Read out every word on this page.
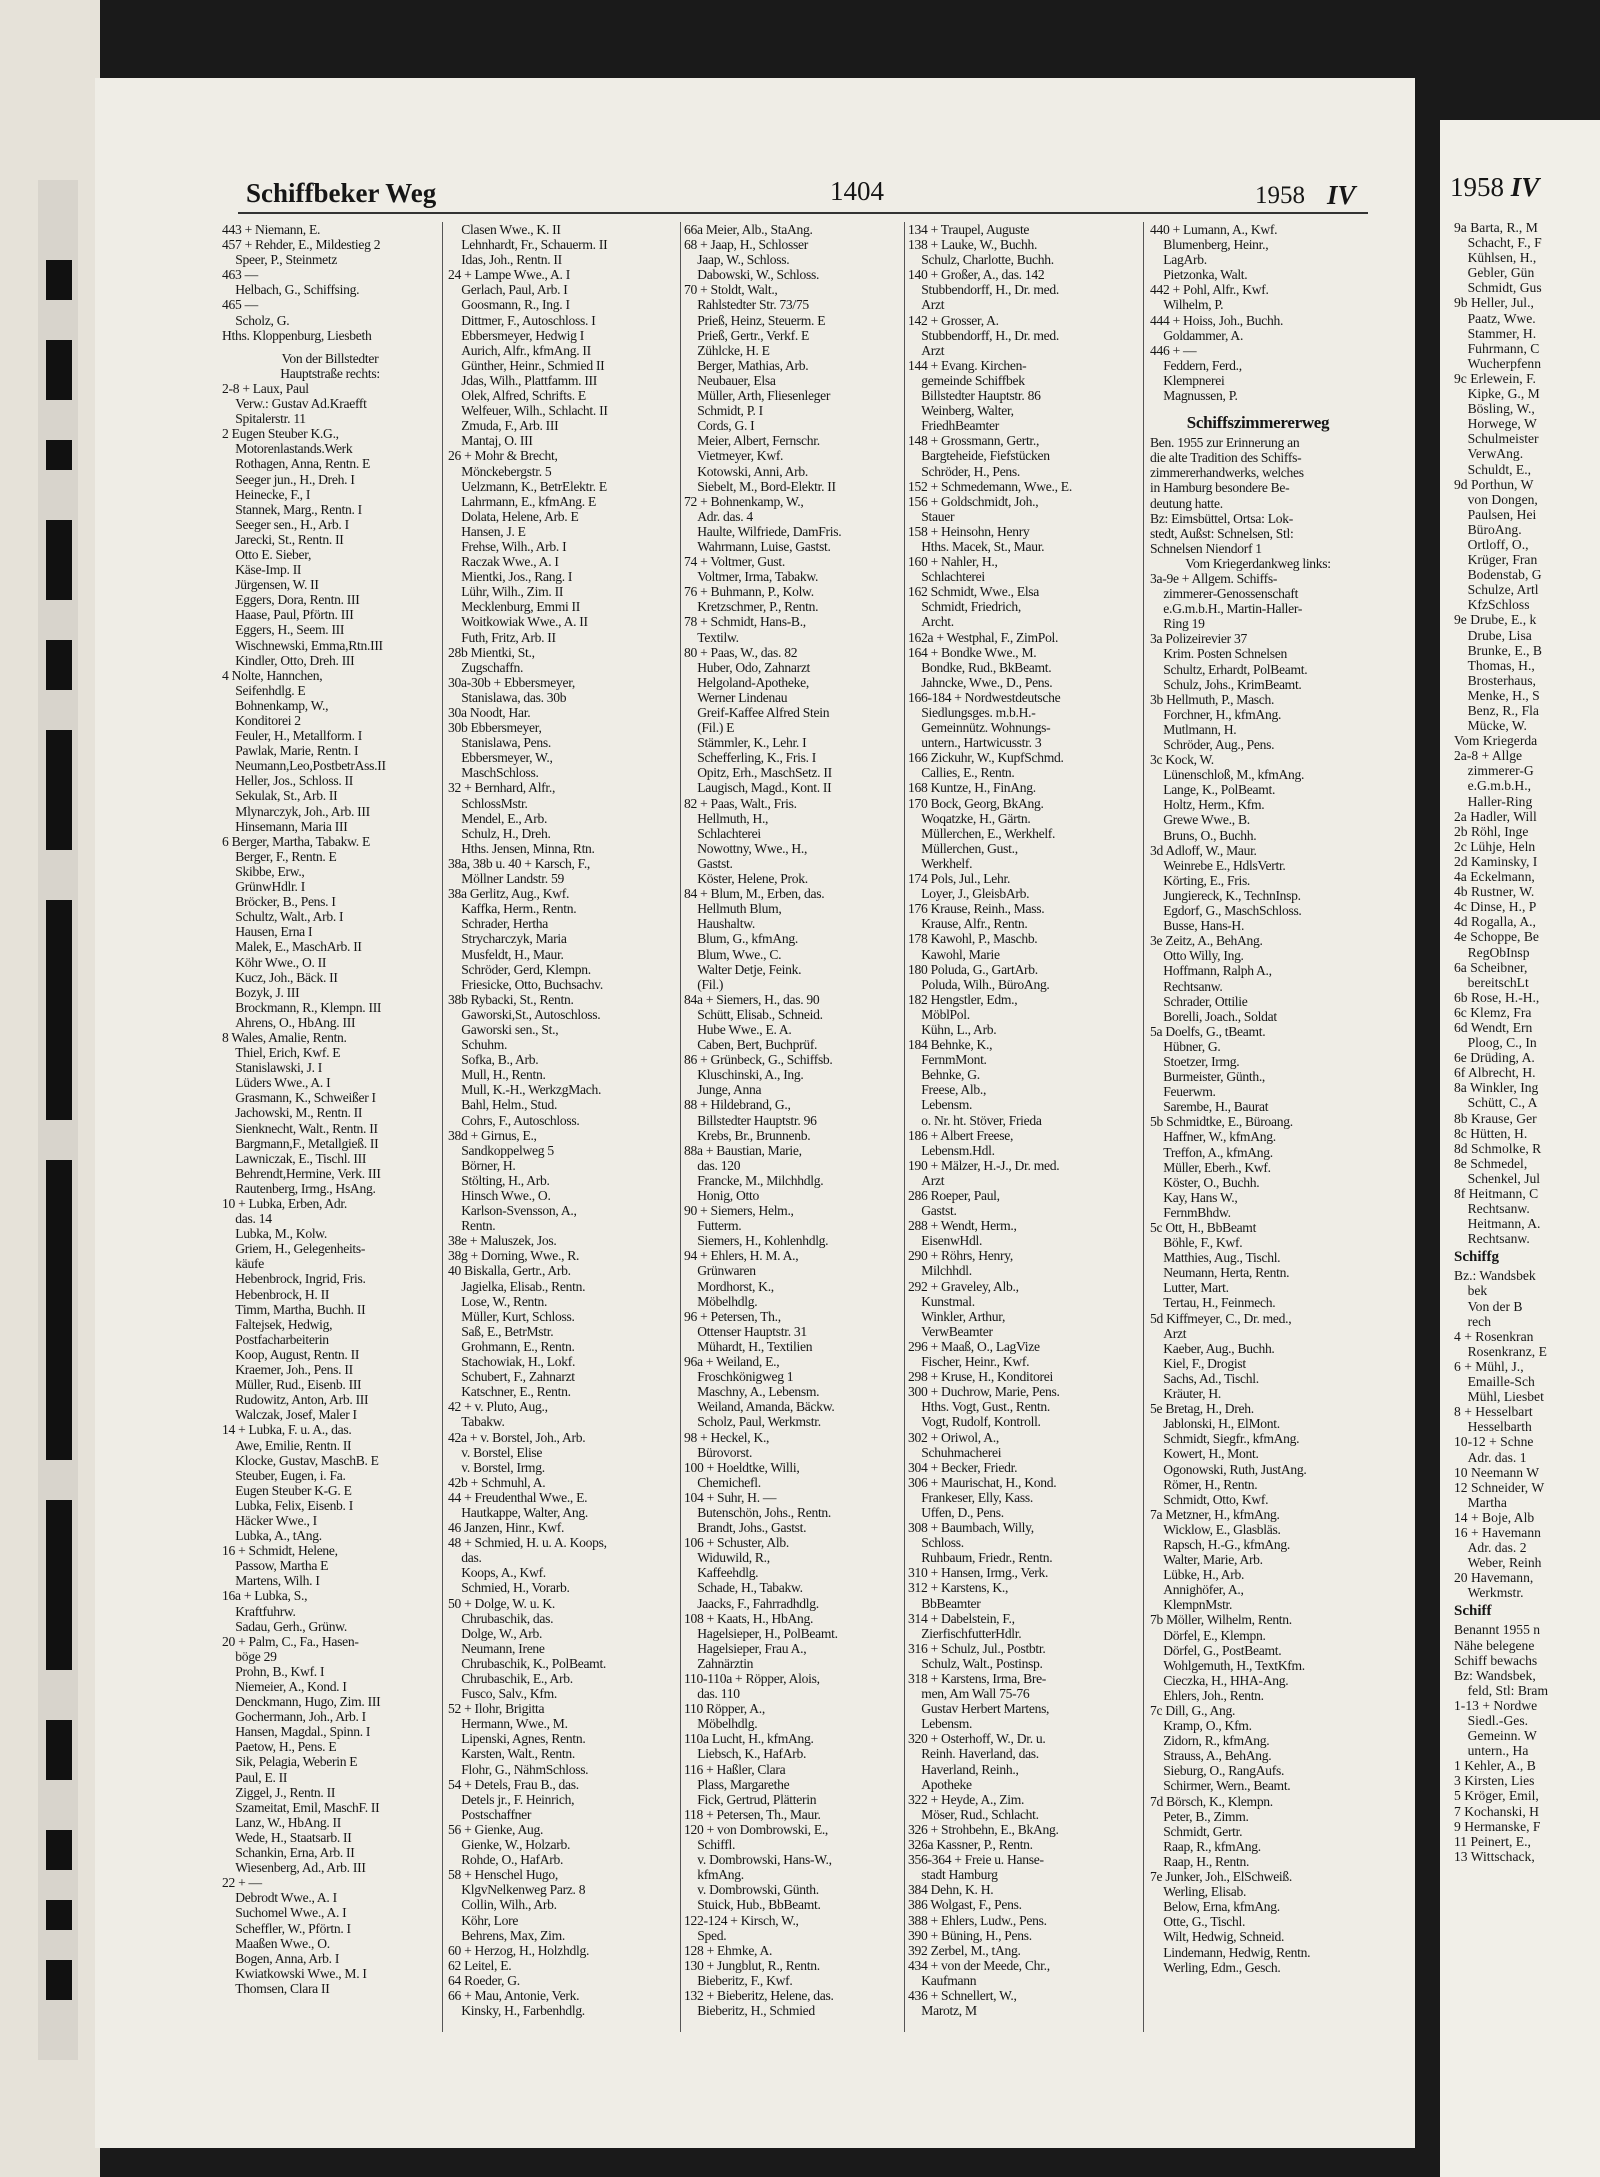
Schiffbeker Weg	1404	1958 IV
443 + Niemann, E.
457 + Rehder, E., Mildestieg 2
 Speer, P., Steinmetz
463 —
 Helbach, G., Schiffsing.
465 —
 Scholz, G.
Hths. Kloppenburg, Liesbeth
Von der Billstedter
Hauptstraße rechts:
2-8 + Laux, Paul
 Verw.: Gustav Ad.Kraefft
 Spitalerstr. 11
2 Eugen Steuber K.G.,
 Motorenlastands.Werk
 Rothagen, Anna, Rentn. E
 Seeger jun., H., Dreh. I
 Heinecke, F., I
 Stannek, Marg., Rentn. I
 Seeger sen., H., Arb. I
 Jarecki, St., Rentn. II
 Otto E. Sieber,
 Käse-Imp. II
 Jürgensen, W. II
 Eggers, Dora, Rentn. III
 Haase, Paul, Pförtn. III
 Eggers, H., Seem. III
 Wischnewski, Emma,Rtn.III
 Kindler, Otto, Dreh. III
4 Nolte, Hannchen,
 Seifenhdlg. E
 Bohnenkamp, W.,
 Konditorei 2
 Feuler, H., Metallform. I
 Pawlak, Marie, Rentn. I
 Neumann,Leo,PostbetrAss.II
 Heller, Jos., Schloss. II
 Sekulak, St., Arb. II
 Mlynarczyk, Joh., Arb. III
 Hinsemann, Maria III
6 Berger, Martha, Tabakw. E
 Berger, F., Rentn. E
 Skibbe, Erw.,
 GrünwHdlr. I
 Bröcker, B., Pens. I
 Schultz, Walt., Arb. I
 Hausen, Erna I
 Malek, E., MaschArb. II
 Köhr Wwe., O. II
 Kucz, Joh., Bäck. II
 Bozyk, J. III
 Brockmann, R., Klempn. III
 Ahrens, O., HbAng. III
8 Wales, Amalie, Rentn.
 Thiel, Erich, Kwf. E
 Stanislawski, J. I
 Lüders Wwe., A. I
 Grasmann, K., Schweißer I
 Jachowski, M., Rentn. II
 Sienknecht, Walt., Rentn. II
 Bargmann,F., Metallgieß. II
 Lawniczak, E., Tischl. III
 Behrendt,Hermine, Verk. III
 Rautenberg, Irmg., HsAng.
10 + Lubka, Erben, Adr.
 das. 14
 Lubka, M., Kolw.
 Griem, H., Gelegenheits-
 käufe
 Hebenbrock, Ingrid, Fris.
 Hebenbrock, H. II
 Timm, Martha, Buchh. II
 Faltejsek, Hedwig,
 Postfacharbeiterin
 Koop, August, Rentn. II
 Kraemer, Joh., Pens. II
 Müller, Rud., Eisenb. III
 Rudowitz, Anton, Arb. III
 Walczak, Josef, Maler I
14 + Lubka, F. u. A., das.
 Awe, Emilie, Rentn. II
 Klocke, Gustav, MaschB. E
 Steuber, Eugen, i. Fa.
 Eugen Steuber K-G. E
 Lubka, Felix, Eisenb. I
 Häcker Wwe., I
 Lubka, A., tAng.
16 + Schmidt, Helene,
 Passow, Martha E
 Martens, Wilh. I
16a + Lubka, S.,
 Kraftfuhrw.
 Sadau, Gerh., Grünw.
20 + Palm, C., Fa., Hasen-
 böge 29
 Prohn, B., Kwf. I
 Niemeier, A., Kond. I
 Denckmann, Hugo, Zim. III
 Gochermann, Joh., Arb. I
 Hansen, Magdal., Spinn. I
 Paetow, H., Pens. E
 Sik, Pelagia, Weberin E
 Paul, E. II
 Ziggel, J., Rentn. II
 Szameitat, Emil, MaschF. II
 Lanz, W., HbAng. II
 Wede, H., Staatsarb. II
 Schankin, Erna, Arb. II
 Wiesenberg, Ad., Arb. III
22 + —
 Debrodt Wwe., A. I
 Suchomel Wwe., A. I
 Scheffler, W., Pförtn. I
 Maaßen Wwe., O.
 Bogen, Anna, Arb. I
 Kwiatkowski Wwe., M. I
 Thomsen, Clara II
 Clasen Wwe., K. II
 Lehnhardt, Fr., Schauerm. II
 Idas, Joh., Rentn. II
24 + Lampe Wwe., A. I
 Gerlach, Paul, Arb. I
 Goosmann, R., Ing. I
 Dittmer, F., Autoschloss. I
 Ebbersmeyer, Hedwig I
 Aurich, Alfr., kfmAng. II
 Günther, Heinr., Schmied II
 Jdas, Wilh., Plattfamm. III
 Olek, Alfred, Schrifts. E
 Welfeuer, Wilh., Schlacht. II
 Zmuda, F., Arb. III
 Mantaj, O. III
26 + Mohr & Brecht,
 Mönckebergstr. 5
 Uelzmann, K., BetrElektr. E
 Lahrmann, E., kfmAng. E
 Dolata, Helene, Arb. E
 Hansen, J. E
 Frehse, Wilh., Arb. I
 Raczak Wwe., A. I
 Mientki, Jos., Rang. I
 Lühr, Wilh., Zim. II
 Mecklenburg, Emmi II
 Woitkowiak Wwe., A. II
 Futh, Fritz, Arb. II
28b Mientki, St.,
 Zugschaffn.
30a-30b + Ebbersmeyer,
 Stanislawa, das. 30b
30a Noodt, Har.
30b Ebbersmeyer,
 Stanislawa, Pens.
 Ebbersmeyer, W.,
 MaschSchloss.
32 + Bernhard, Alfr.,
 SchlossMstr.
 Mendel, E., Arb.
 Schulz, H., Dreh.
 Hths. Jensen, Minna, Rtn.
38a, 38b u. 40 + Karsch, F.,
 Möllner Landstr. 59
38a Gerlitz, Aug., Kwf.
 Kaffka, Herm., Rentn.
 Schrader, Hertha
 Strycharczyk, Maria
 Musfeldt, H., Maur.
 Schröder, Gerd, Klempn.
 Friesicke, Otto, Buchsachv.
38b Rybacki, St., Rentn.
 Gaworski,St., Autoschloss.
 Gaworski sen., St.,
 Schuhm.
 Sofka, B., Arb.
 Mull, H., Rentn.
 Mull, K.-H., WerkzgMach.
 Bahl, Helm., Stud.
 Cohrs, F., Autoschloss.
38d + Girnus, E.,
 Sandkoppelweg 5
 Börner, H.
 Stölting, H., Arb.
 Hinsch Wwe., O.
 Karlson-Svensson, A.,
 Rentn.
38e + Maluszek, Jos.
38g + Dorning, Wwe., R.
40 Biskalla, Gertr., Arb.
 Jagielka, Elisab., Rentn.
 Lose, W., Rentn.
 Müller, Kurt, Schloss.
 Saß, E., BetrMstr.
 Grohmann, E., Rentn.
 Stachowiak, H., Lokf.
 Schubert, F., Zahnarzt
 Katschner, E., Rentn.
42 + v. Pluto, Aug.,
 Tabakw.
42a + v. Borstel, Joh., Arb.
 v. Borstel, Elise
 v. Borstel, Irmg.
42b + Schmuhl, A.
44 + Freudenthal Wwe., E.
 Hautkappe, Walter, Ang.
46 Janzen, Hinr., Kwf.
48 + Schmied, H. u. A. Koops,
 das.
 Koops, A., Kwf.
 Schmied, H., Vorarb.
50 + Dolge, W. u. K.
 Chrubaschik, das.
 Dolge, W., Arb.
 Neumann, Irene
 Chrubaschik, K., PolBeamt.
 Chrubaschik, E., Arb.
 Fusco, Salv., Kfm.
52 + Ilohr, Brigitta
 Hermann, Wwe., M.
 Lipenski, Agnes, Rentn.
 Karsten, Walt., Rentn.
 Flohr, G., NähmSchloss.
54 + Detels, Frau B., das.
 Detels jr., F. Heinrich,
 Postschaffner
56 + Gienke, Aug.
 Gienke, W., Holzarb.
 Rohde, O., HafArb.
58 + Henschel Hugo,
 KlgvNelkenweg Parz. 8
 Collin, Wilh., Arb.
 Köhr, Lore
 Behrens, Max, Zim.
60 + Herzog, H., Holzhdlg.
62 Leitel, E.
64 Roeder, G.
66 + Mau, Antonie, Verk.
 Kinsky, H., Farbenhdlg.
66a Meier, Alb., StaAng.
68 + Jaap, H., Schlosser
 Jaap, W., Schloss.
 Dabowski, W., Schloss.
70 + Stoldt, Walt.,
 Rahlstedter Str. 73/75
 Prieß, Heinz, Steuerm. E
 Prieß, Gertr., Verkf. E
 Zühlcke, H. E
 Berger, Mathias, Arb.
 Neubauer, Elsa
 Müller, Arth, Fliesenleger
 Schmidt, P. I
 Cords, G. I
 Meier, Albert, Fernschr.
 Vietmeyer, Kwf.
 Kotowski, Anni, Arb.
 Siebelt, M., Bord-Elektr. II
72 + Bohnenkamp, W.,
 Adr. das. 4
 Haulte, Wilfriede, DamFris.
 Wahrmann, Luise, Gastst.
74 + Voltmer, Gust.
 Voltmer, Irma, Tabakw.
76 + Buhmann, P., Kolw.
 Kretzschmer, P., Rentn.
78 + Schmidt, Hans-B.,
 Textilw.
80 + Paas, W., das. 82
 Huber, Odo, Zahnarzt
 Helgoland-Apotheke,
 Werner Lindenau
 Greif-Kaffee Alfred Stein
 (Fil.) E
 Stämmler, K., Lehr. I
 Schefferling, K., Fris. I
 Opitz, Erh., MaschSetz. II
 Laugisch, Magd., Kont. II
82 + Paas, Walt., Fris.
 Hellmuth, H.,
 Schlachterei
 Nowottny, Wwe., H.,
 Gastst.
 Köster, Helene, Prok.
84 + Blum, M., Erben, das.
 Hellmuth Blum,
 Haushaltw.
 Blum, G., kfmAng.
 Blum, Wwe., C.
 Walter Detje, Feink.
 (Fil.)
84a + Siemers, H., das. 90
 Schütt, Elisab., Schneid.
 Hube Wwe., E. A.
 Caben, Bert, Buchprüf.
86 + Grünbeck, G., Schiffsb.
 Kluschinski, A., Ing.
 Junge, Anna
88 + Hildebrand, G.,
 Billstedter Hauptstr. 96
 Krebs, Br., Brunnenb.
88a + Baustian, Marie,
 das. 120
 Francke, M., Milchhdlg.
 Honig, Otto
90 + Siemers, Helm.,
 Futterm.
 Siemers, H., Kohlenhdlg.
94 + Ehlers, H. M. A.,
 Grünwaren
 Mordhorst, K.,
 Möbelhdlg.
96 + Petersen, Th.,
 Ottenser Hauptstr. 31
 Mühardt, H., Textilien
96a + Weiland, E.,
 Froschkönigweg 1
 Maschny, A., Lebensm.
 Weiland, Amanda, Bäckw.
 Scholz, Paul, Werkmstr.
98 + Heckel, K.,
 Bürovorst.
100 + Hoeldtke, Willi,
 Chemichefl.
104 + Suhr, H. —
 Butenschön, Johs., Rentn.
 Brandt, Johs., Gastst.
106 + Schuster, Alb.
 Widuwild, R.,
 Kaffeehdlg.
 Schade, H., Tabakw.
 Jaacks, F., Fahrradhdlg.
108 + Kaats, H., HbAng.
 Hagelsieper, H., PolBeamt.
 Hagelsieper, Frau A.,
 Zahnärztin
110-110a + Röpper, Alois,
 das. 110
110 Röpper, A.,
 Möbelhdlg.
110a Lucht, H., kfmAng.
 Liebsch, K., HafArb.
116 + Haßler, Clara
 Plass, Margarethe
 Fick, Gertrud, Plätterin
118 + Petersen, Th., Maur.
120 + von Dombrowski, E.,
 Schiffl.
 v. Dombrowski, Hans-W.,
 kfmAng.
 v. Dombrowski, Günth.
 Stuick, Hub., BbBeamt.
122-124 + Kirsch, W.,
 Sped.
128 + Ehmke, A.
130 + Jungblut, R., Rentn.
 Bieberitz, F., Kwf.
132 + Bieberitz, Helene, das.
 Bieberitz, H., Schmied
134 + Traupel, Auguste
138 + Lauke, W., Buchh.
 Schulz, Charlotte, Buchh.
140 + Großer, A., das. 142
 Stubbendorff, H., Dr. med.
 Arzt
142 + Grosser, A.
 Stubbendorff, H., Dr. med.
 Arzt
144 + Evang. Kirchen-
 gemeinde Schiffbek
 Billstedter Hauptstr. 86
 Weinberg, Walter,
 FriedhBeamter
148 + Grossmann, Gertr.,
 Bargteheide, Fiefstücken
 Schröder, H., Pens.
152 + Schmedemann, Wwe., E.
156 + Goldschmidt, Joh.,
 Stauer
158 + Heinsohn, Henry
 Hths. Macek, St., Maur.
160 + Nahler, H.,
 Schlachterei
162 Schmidt, Wwe., Elsa
 Schmidt, Friedrich,
 Archt.
162a + Westphal, F., ZimPol.
164 + Bondke Wwe., M.
 Bondke, Rud., BkBeamt.
 Jahncke, Wwe., D., Pens.
166-184 + Nordwestdeutsche
 Siedlungsges. m.b.H.-
 Gemeinnütz. Wohnungs-
 untern., Hartwicusstr. 3
166 Zickuhr, W., KupfSchmd.
 Callies, E., Rentn.
168 Kuntze, H., FinAng.
170 Bock, Georg, BkAng.
 Woqatzke, H., Gärtn.
 Müllerchen, E., Werkhelf.
 Müllerchen, Gust.,
 Werkhelf.
174 Pols, Jul., Lehr.
 Loyer, J., GleisbArb.
176 Krause, Reinh., Mass.
 Krause, Alfr., Rentn.
178 Kawohl, P., Maschb.
 Kawohl, Marie
180 Poluda, G., GartArb.
 Poluda, Wilh., BüroAng.
182 Hengstler, Edm.,
 MöblPol.
 Kühn, L., Arb.
184 Behnke, K.,
 FernmMont.
 Behnke, G.
 Freese, Alb.,
 Lebensm.
 o. Nr. ht. Stöver, Frieda
186 + Albert Freese,
 Lebensm.Hdl.
190 + Mälzer, H.-J., Dr. med.
 Arzt
286 Roeper, Paul,
 Gastst.
288 + Wendt, Herm.,
 EisenwHdl.
290 + Röhrs, Henry,
 Milchhdl.
292 + Graveley, Alb.,
 Kunstmal.
 Winkler, Arthur,
 VerwBeamter
296 + Maaß, O., LagVize
 Fischer, Heinr., Kwf.
298 + Kruse, H., Konditorei
300 + Duchrow, Marie, Pens.
 Hths. Vogt, Gust., Rentn.
 Vogt, Rudolf, Kontroll.
302 + Oriwol, A.,
 Schuhmacherei
304 + Becker, Friedr.
306 + Maurischat, H., Kond.
 Frankeser, Elly, Kass.
 Uffen, D., Pens.
308 + Baumbach, Willy,
 Schloss.
 Ruhbaum, Friedr., Rentn.
310 + Hansen, Irmg., Verk.
312 + Karstens, K.,
 BbBeamter
314 + Dabelstein, F.,
 ZierfischfutterHdlr.
316 + Schulz, Jul., Postbtr.
 Schulz, Walt., Postinsp.
318 + Karstens, Irma, Bre-
 men, Am Wall 75-76
 Gustav Herbert Martens,
 Lebensm.
320 + Osterhoff, W., Dr. u.
 Reinh. Haverland, das.
 Haverland, Reinh.,
 Apotheke
322 + Heyde, A., Zim.
 Möser, Rud., Schlacht.
326 + Strohbehn, E., BkAng.
326a Kassner, P., Rentn.
356-364 + Freie u. Hanse-
 stadt Hamburg
384 Dehn, K. H.
386 Wolgast, F., Pens.
388 + Ehlers, Ludw., Pens.
390 + Büning, H., Pens.
392 Zerbel, M., tAng.
434 + von der Meede, Chr.,
 Kaufmann
436 + Schnellert, W.,
 Marotz, M
440 + Lumann, A., Kwf.
 Blumenberg, Heinr.,
 LagArb.
 Pietzonka, Walt.
442 + Pohl, Alfr., Kwf.
 Wilhelm, P.
444 + Hoiss, Joh., Buchh.
 Goldammer, A.
446 + —
 Feddern, Ferd.,
 Klempnerei
 Magnussen, P.
Schiffszimmererweg
Ben. 1955 zur Erinnerung an
die alte Tradition des Schiffs-
zimmererhandwerks, welches
in Hamburg besondere Be-
deutung hatte.
Bz: Eimsbüttel, Ortsa: Lok-
stedt, Außst: Schnelsen, Stl:
Schnelsen Niendorf 1
Vom Kriegerdankweg links:
3a-9e + Allgem. Schiffs-
 zimmerer-Genossenschaft
 e.G.m.b.H., Martin-Haller-
 Ring 19
3a Polizeirevier 37
 Krim. Posten Schnelsen
 Schultz, Erhardt, PolBeamt.
 Schulz, Johs., KrimBeamt.
3b Hellmuth, P., Masch.
 Forchner, H., kfmAng.
 Mutlmann, H.
 Schröder, Aug., Pens.
3c Kock, W.
 Lünenschloß, M., kfmAng.
 Lange, K., PolBeamt.
 Holtz, Herm., Kfm.
 Grewe Wwe., B.
 Bruns, O., Buchh.
3d Adloff, W., Maur.
 Weinrebe E., HdlsVertr.
 Körting, E., Fris.
 Jungiereck, K., TechnInsp.
 Egdorf, G., MaschSchloss.
 Busse, Hans-H.
3e Zeitz, A., BehAng.
 Otto Willy, Ing.
 Hoffmann, Ralph A.,
 Rechtsanw.
 Schrader, Ottilie
 Borelli, Joach., Soldat
5a Doelfs, G., tBeamt.
 Hübner, G.
 Stoetzer, Irmg.
 Burmeister, Günth.,
 Feuerwm.
 Sarembe, H., Baurat
5b Schmidtke, E., Büroang.
 Haffner, W., kfmAng.
 Treffon, A., kfmAng.
 Müller, Eberh., Kwf.
 Köster, O., Buchh.
 Kay, Hans W.,
 FernmBhdw.
5c Ott, H., BbBeamt
 Böhle, F., Kwf.
 Matthies, Aug., Tischl.
 Neumann, Herta, Rentn.
 Lutter, Mart.
 Tertau, H., Feinmech.
5d Kiffmeyer, C., Dr. med.,
 Arzt
 Kaeber, Aug., Buchh.
 Kiel, F., Drogist
 Sachs, Ad., Tischl.
 Kräuter, H.
5e Bretag, H., Dreh.
 Jablonski, H., ElMont.
 Schmidt, Siegfr., kfmAng.
 Kowert, H., Mont.
 Ogonowski, Ruth, JustAng.
 Römer, H., Rentn.
 Schmidt, Otto, Kwf.
7a Metzner, H., kfmAng.
 Wicklow, E., Glasbläs.
 Rapsch, H.-G., kfmAng.
 Walter, Marie, Arb.
 Lübke, H., Arb.
 Annighöfer, A.,
 KlempnMstr.
7b Möller, Wilhelm, Rentn.
 Dörfel, E., Klempn.
 Dörfel, G., PostBeamt.
 Wohlgemuth, H., TextKfm.
 Cieczka, H., HHA-Ang.
 Ehlers, Joh., Rentn.
7c Dill, G., Ang.
 Kramp, O., Kfm.
 Zidorn, R., kfmAng.
 Strauss, A., BehAng.
 Sieburg, O., RangAufs.
 Schirmer, Wern., Beamt.
7d Börsch, K., Klempn.
 Peter, B., Zimm.
 Schmidt, Gertr.
 Raap, R., kfmAng.
 Raap, H., Rentn.
7e Junker, Joh., ElSchweiß.
 Werling, Elisab.
 Below, Erna, kfmAng.
 Otte, G., Tischl.
 Wilt, Hedwig, Schneid.
 Lindemann, Hedwig, Rentn.
 Werling, Edm., Gesch.
1958 IV
9a Barta, R., M
 Schacht, F., F
 Kühlsen, H.,
 Gebler, Gün
 Schmidt, Gus
9b Heller, Jul.,
 Paatz, Wwe.
 Stammer, H.
 Fuhrmann, C
 Wucherpfenn
9c Erlewein, F.
 Kipke, G., M
 Bösling, W.,
 Horwege, W
 Schulmeister
 VerwAng.
 Schuldt, E.,
9d Porthun, W
 von Dongen,
 Paulsen, Hei
 BüroAng.
 Ortloff, O.,
 Krüger, Fran
 Bodenstab, G
 Schulze, Artl
 KfzSchloss
9e Drube, E., k
 Drube, Lisa
 Brunke, E., B
 Thomas, H.,
 Brosterhaus,
 Menke, H., S
 Benz, R., Fla
 Mücke, W.
Vom Kriegerda
2a-8 + Allge
 zimmerer-G
 e.G.m.b.H.,
 Haller-Ring
2a Hadler, Will
2b Röhl, Inge
2c Lühje, Heln
2d Kaminsky, I
4a Eckelmann,
4b Rustner, W.
4c Dinse, H., P
4d Rogalla, A.,
4e Schoppe, Be
 RegObInsp
6a Scheibner,
 bereitschLt
6b Rose, H.-H.,
6c Klemz, Fra
6d Wendt, Ern
 Ploog, C., In
6e Drüding, A.
6f Albrecht, H.
8a Winkler, Ing
 Schütt, C., A
8b Krause, Ger
8c Hütten, H.
8d Schmolke, R
8e Schmedel,
 Schenkel, Jul
8f Heitmann, C
 Rechtsanw.
 Heitmann, A.
 Rechtsanw.
Schiffg
Bz.: Wandsbek
 bek
 Von der B
 rech
4 + Rosenkran
 Rosenkranz, E
6 + Mühl, J.,
 Emaille-Sch
 Mühl, Liesbet
8 + Hesselbart
 Hesselbarth
10-12 + Schne
 Adr. das. 1
10 Neemann W
12 Schneider, W
 Martha
14 + Boje, Alb
16 + Havemann
 Adr. das. 2
 Weber, Reinh
20 Havemann,
 Werkmstr.
Schiff
Benannt 1955 n
Nähe belegene
Schiff bewachs
Bz: Wandsbek,
 feld, Stl: Bram
1-13 + Nordwe
 Siedl.-Ges.
 Gemeinn. W
 untern., Ha
1 Kehler, A., B
3 Kirsten, Lies
5 Kröger, Emil,
7 Kochanski, H
9 Hermanske, F
11 Peinert, E.,
13 Wittschack,
